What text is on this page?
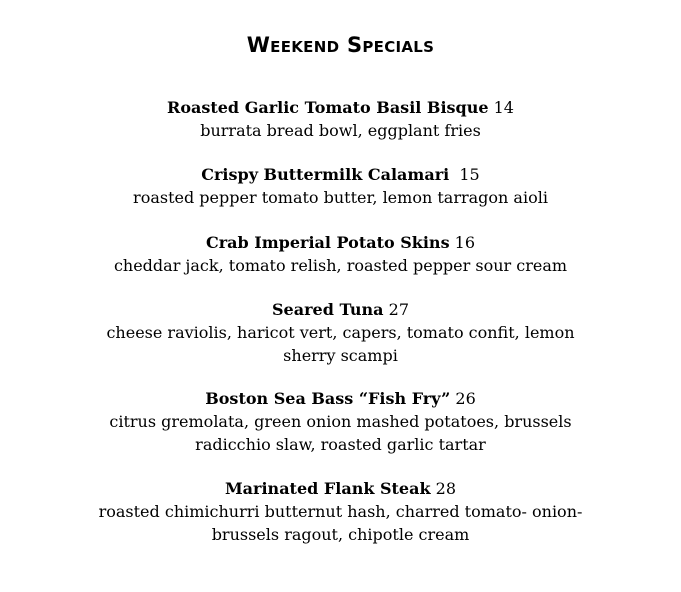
Weekend Specials
Roasted Garlic Tomato Basil Bisque 14
burrata bread bowl, eggplant fries
Crispy Buttermilk Calamari 15
roasted pepper tomato butter, lemon tarragon aioli
Crab Imperial Potato Skins 16
cheddar jack, tomato relish, roasted pepper sour cream
Seared Tuna 27
cheese raviolis, haricot vert, capers, tomato confit, lemon sherry scampi
Boston Sea Bass “Fish Fry” 26
citrus gremolata, green onion mashed potatoes, brussels radicchio slaw, roasted garlic tartar
Marinated Flank Steak 28
roasted chimichurri butternut hash, charred tomato- onion- brussels ragout, chipotle cream
